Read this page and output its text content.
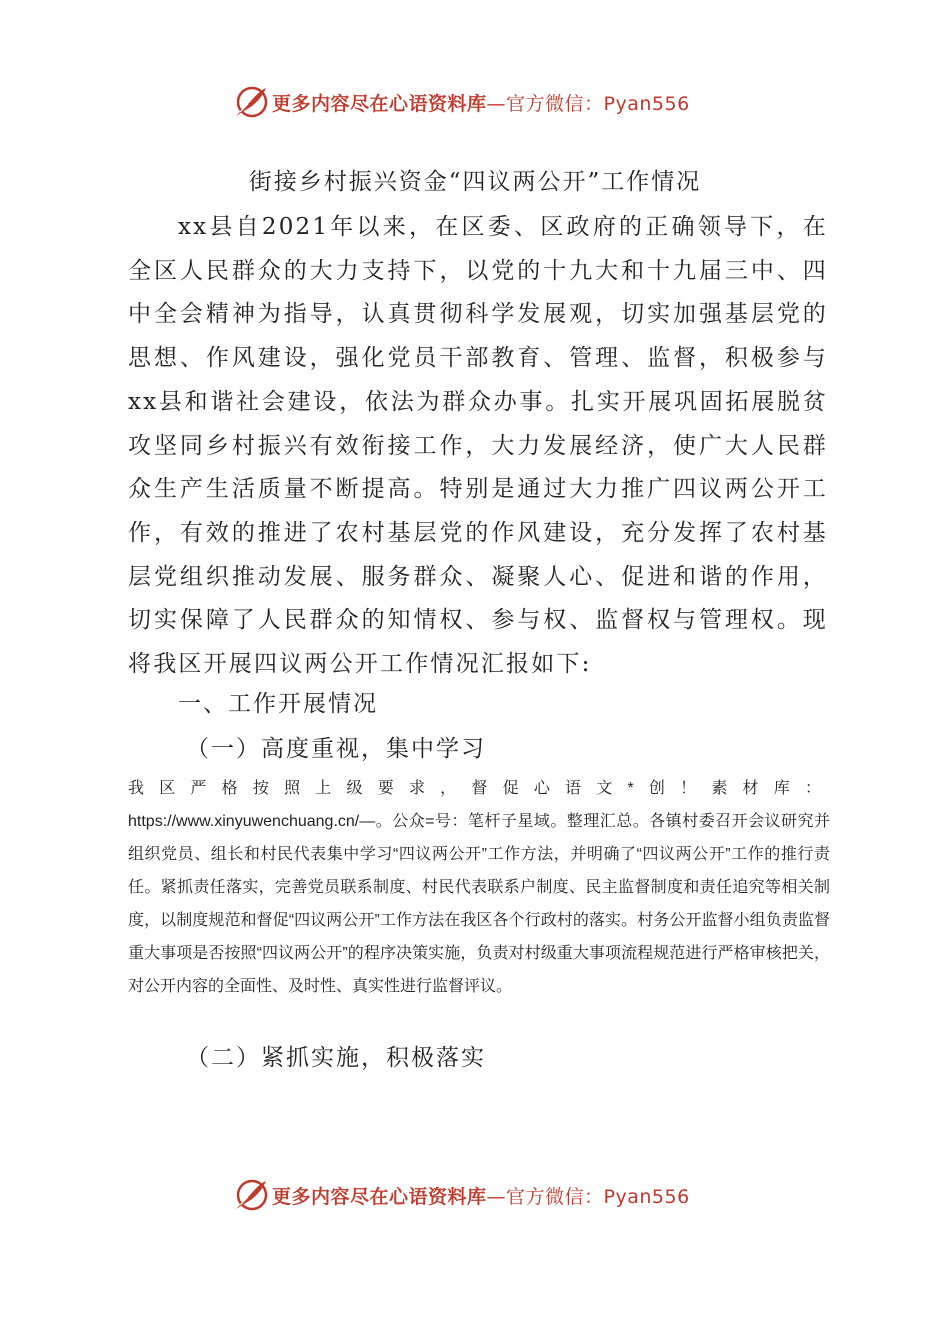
更多内容尽在心语资料库—官方微信：Pyan556
街接乡村振兴资金“四议两公开”工作情况

xx县自2021年以来，在区委、区政府的正确领导下，在全区人民群众的大力支持下，以党的十九大和十九届三中、四中全会精神为指导，认真贯彻科学发展观，切实加强基层党的思想、作风建设，强化党员干部教育、管理、监督，积极参与xx县和谐社会建设，依法为群众办事。扎实开展巩固拓展脱贫攻坚同乡村振兴有效衔接工作，大力发展经济，使广大人民群众生产生活质量不断提高。特别是通过大力推广四议两公开工作，有效的推进了农村基层党的作风建设，充分发挥了农村基层党组织推动发展、服务群众、凝聚人心、促进和谐的作用，切实保障了人民群众的知情权、参与权、监督权与管理权。现将我区开展四议两公开工作情况汇报如下:

一、工作开展情况

（一）高度重视，集中学习

我区严格按照上级要求，督促心语文*创！素材库：https://www.xinyuwenchuang.cn/—。公众=号：笔杆子星域。整理汇总。各镇村委召开会议研究并组织党员、组长和村民代表集中学习“四议两公开”工作方法，并明确了“四议两公开”工作的推行责任。紧抓责任落实，完善党员联系制度、村民代表联系户制度、民主监督制度和责任追究等相关制度，以制度规范和督促“四议两公开”工作方法在我区各个行政村的落实。村务公开监督小组负责监督重大事项是否按照“四议两公开”的程序决策实施，负责对村级重大事项流程规范进行严格审核把关，对公开内容的全面性、及时性、真实性进行监督评议。

（二）紧抓实施，积极落实

更多内容尽在心语资料库—官方微信：Pyan556
